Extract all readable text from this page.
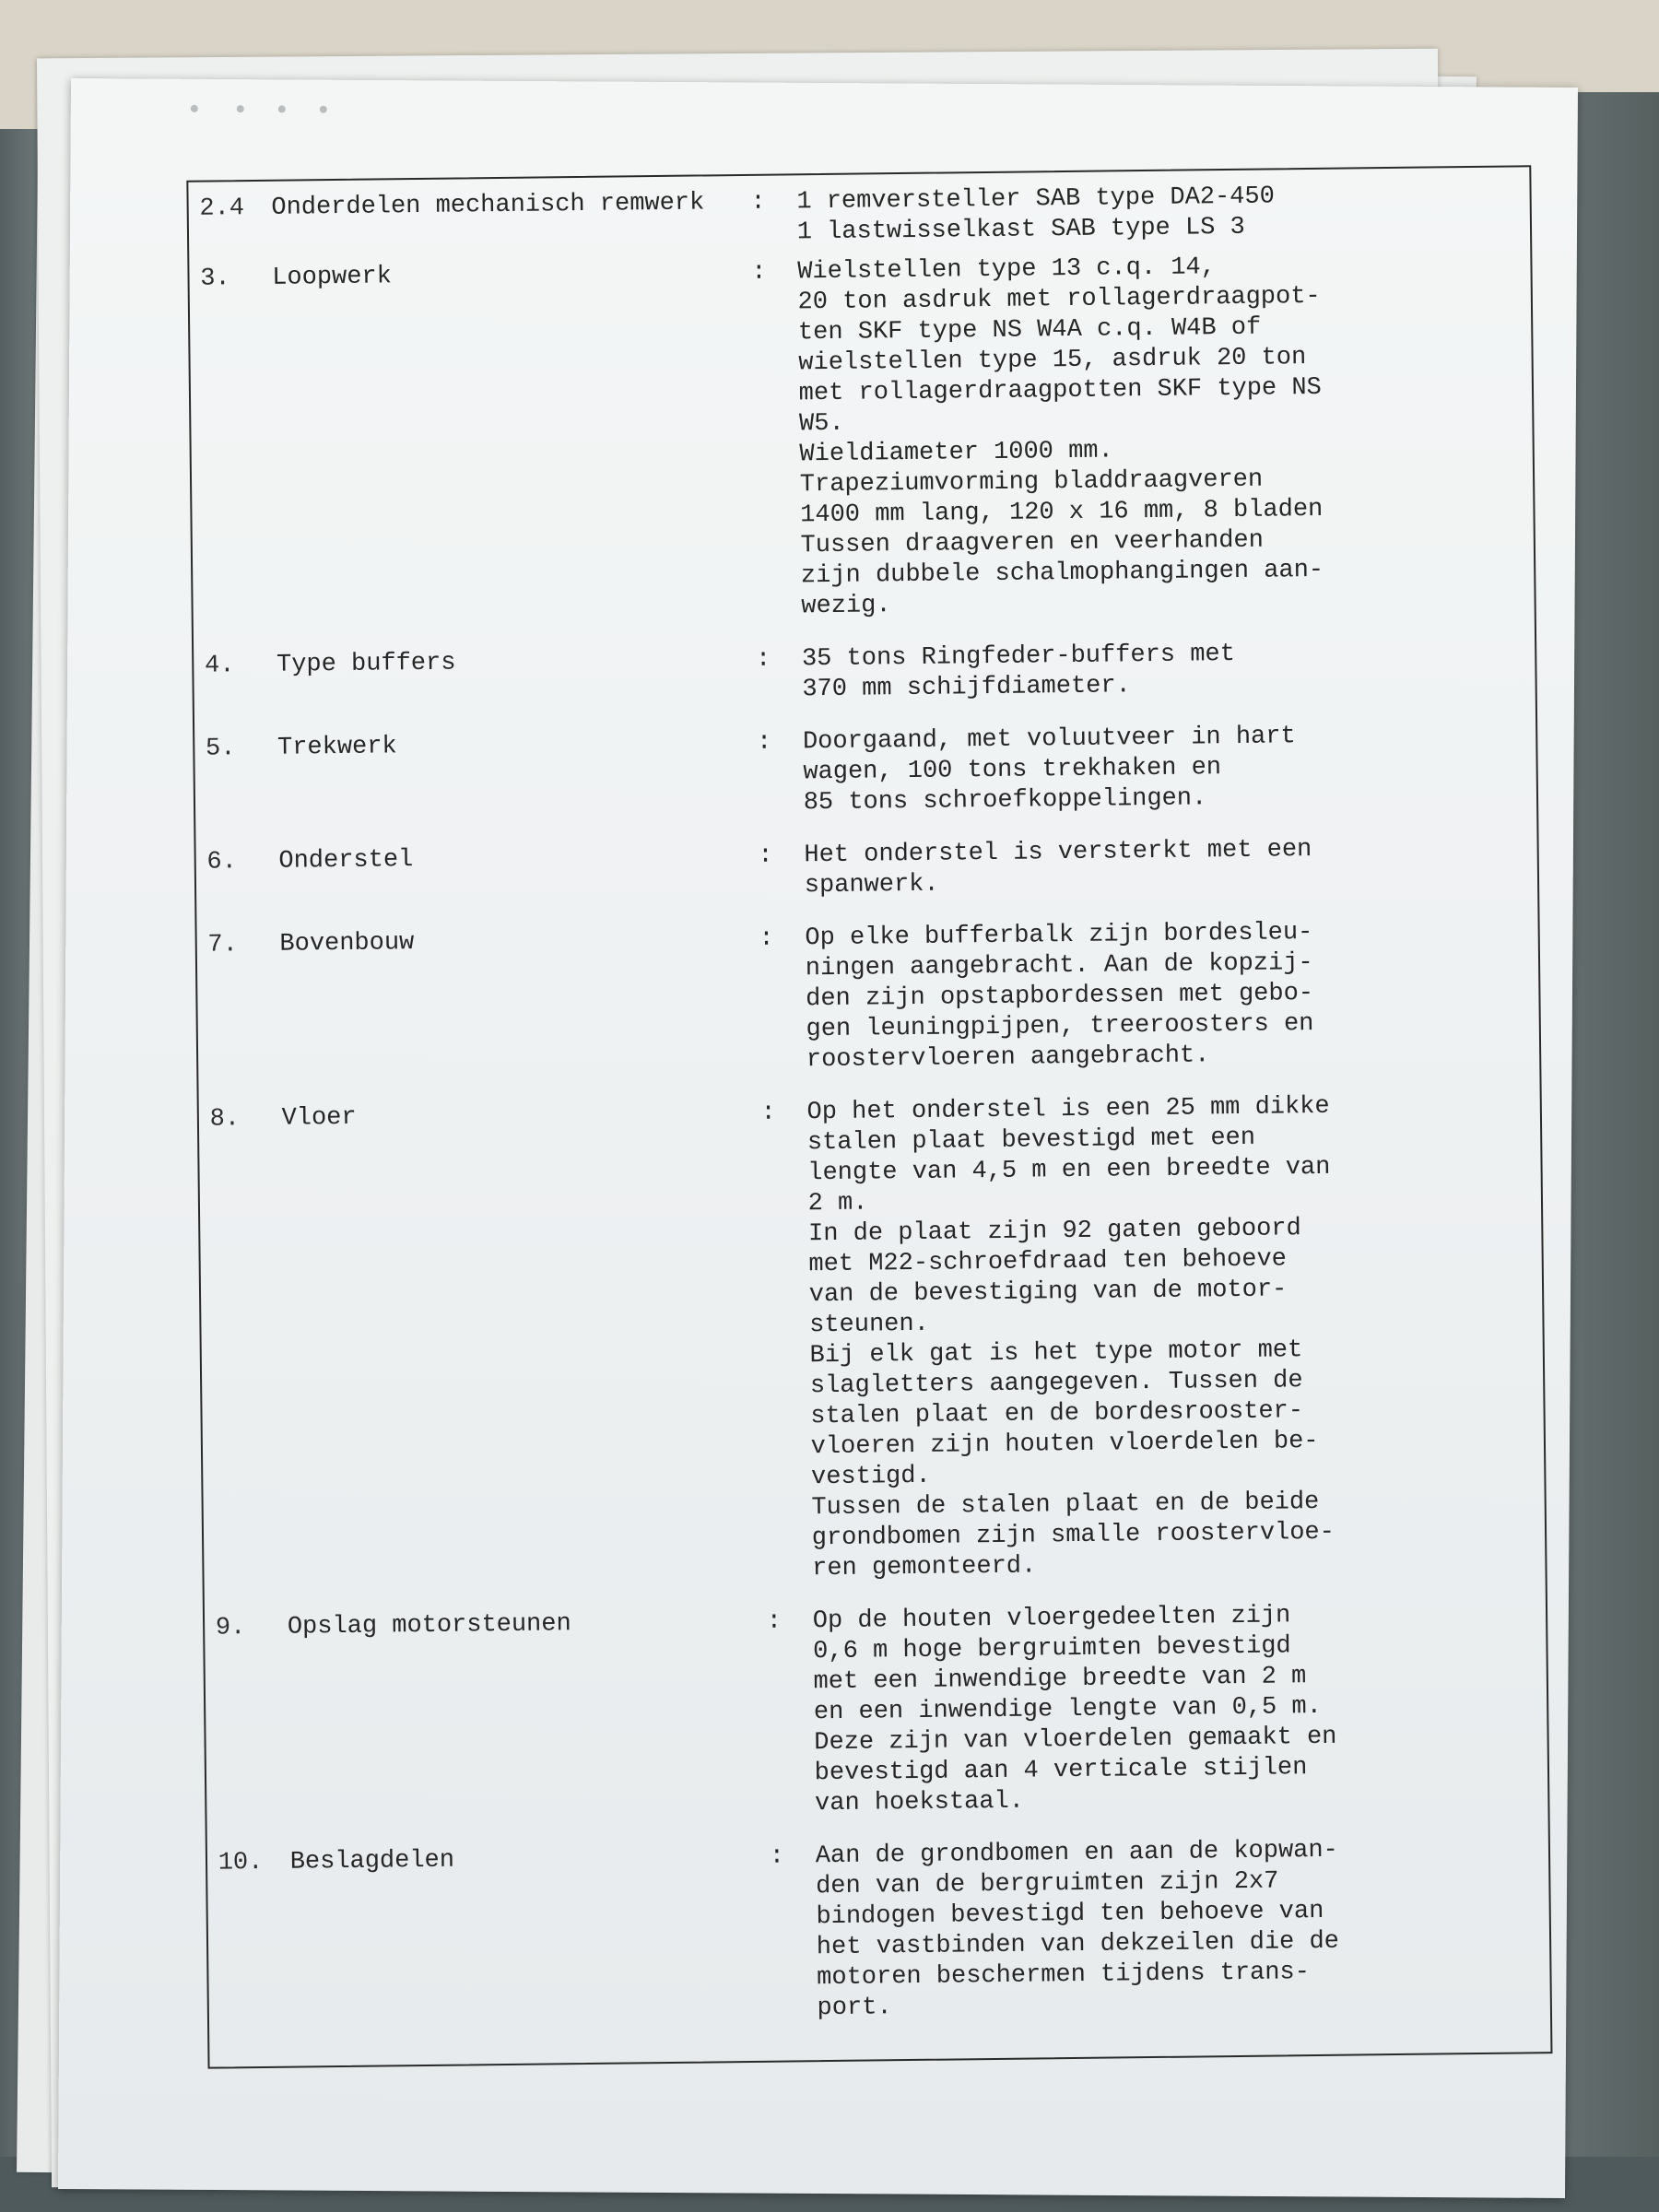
2.4	Onderdelen mechanisch remwerk	:	1 remversteller SAB type DA2-450
1 lastwisselkast SAB type LS 3
3.	Loopwerk	:	Wielstellen type 13 c.q. 14,
20 ton asdruk met rollagerdraagpot-
ten SKF type NS W4A c.q. W4B of
wielstellen type 15, asdruk 20 ton
met rollagerdraagpotten SKF type NS
W5.
Wieldiameter 1000 mm.
Trapeziumvorming bladdraagveren
1400 mm lang, 120 x 16 mm, 8 bladen
Tussen draagveren en veerhanden
zijn dubbele schalmophangingen aan-
wezig.
4.	Type buffers	:	35 tons Ringfeder-buffers met
370 mm schijfdiameter.
5.	Trekwerk	:	Doorgaand, met voluutveer in hart
wagen, 100 tons trekhaken en
85 tons schroefkoppelingen.
6.	Onderstel	:	Het onderstel is versterkt met een
spanwerk.
7.	Bovenbouw	:	Op elke bufferbalk zijn bordesleu-
ningen aangebracht. Aan de kopzij-
den zijn opstapbordessen met gebo-
gen leuningpijpen, treeroosters en
roostervloeren aangebracht.
8.	Vloer	:	Op het onderstel is een 25 mm dikke
stalen plaat bevestigd met een
lengte van 4,5 m en een breedte van
2 m.
In de plaat zijn 92 gaten geboord
met M22-schroefdraad ten behoeve
van de bevestiging van de motor-
steunen.
Bij elk gat is het type motor met
slagletters aangegeven. Tussen de
stalen plaat en de bordesrooster-
vloeren zijn houten vloerdelen be-
vestigd.
Tussen de stalen plaat en de beide
grondbomen zijn smalle roostervloe-
ren gemonteerd.
9.	Opslag motorsteunen	:	Op de houten vloergedeelten zijn
0,6 m hoge bergruimten bevestigd
met een inwendige breedte van 2 m
en een inwendige lengte van 0,5 m.
Deze zijn van vloerdelen gemaakt en
bevestigd aan 4 verticale stijlen
van hoekstaal.
10.	Beslagdelen	:	Aan de grondbomen en aan de kopwan-
den van de bergruimten zijn 2x7
bindogen bevestigd ten behoeve van
het vastbinden van dekzeilen die de
motoren beschermen tijdens trans-
port.
